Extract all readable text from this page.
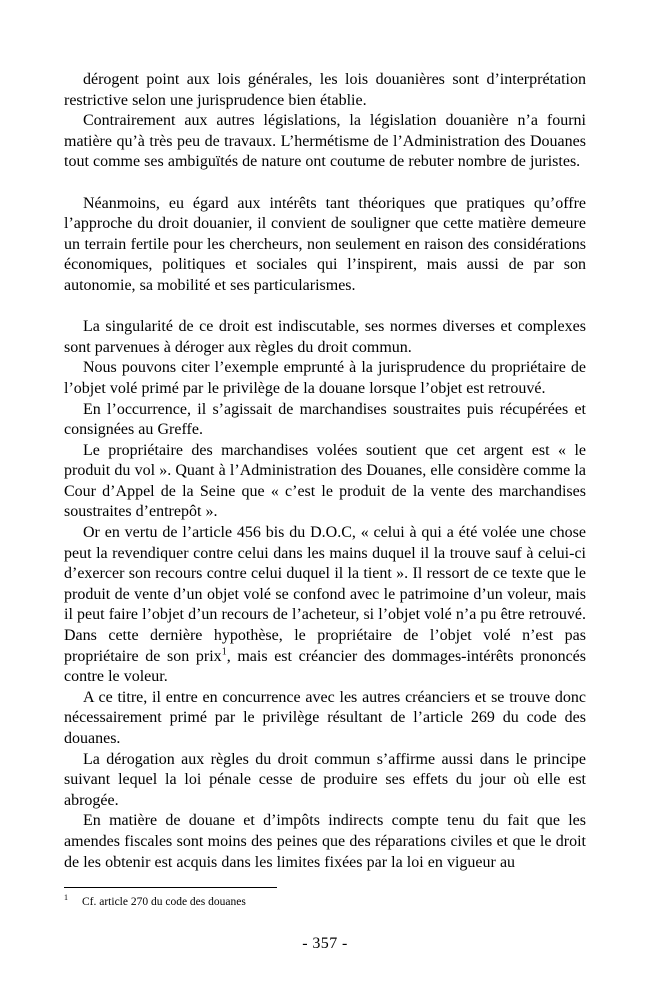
dérogent point aux lois générales, les lois douanières sont d’interprétation restrictive selon une jurisprudence bien établie.

Contrairement aux autres législations, la législation douanière n’a fourni matière qu’à très peu de travaux. L’hermétisme de l’Administration des Douanes tout comme ses ambiguïtés de nature ont coutume de rebuter nombre de juristes.

Néanmoins, eu égard aux intérêts tant théoriques que pratiques qu’offre l’approche du droit douanier, il convient de souligner que cette matière demeure un terrain fertile pour les chercheurs, non seulement en raison des considérations économiques, politiques et sociales qui l’inspirent, mais aussi de par son autonomie, sa mobilité et ses particularismes.

La singularité de ce droit est indiscutable, ses normes diverses et complexes sont parvenues à déroger aux règles du droit commun.

Nous pouvons citer l’exemple emprunté à la jurisprudence du propriétaire de l’objet volé primé par le privilège de la douane lorsque l’objet est retrouvé.

En l’occurrence, il s’agissait de marchandises soustraites puis récupérées et consignées au Greffe.

Le propriétaire des marchandises volées soutient que cet argent est « le produit du vol ». Quant à l’Administration des Douanes, elle considère comme la Cour d’Appel de la Seine que « c’est le produit de la vente des marchandises soustraites d’entrepôt ».

Or en vertu de l’article 456 bis du D.O.C, « celui à qui a été volée une chose peut la revendiquer contre celui dans les mains duquel il la trouve sauf à celui-ci d’exercer son recours contre celui duquel il la tient ». Il ressort de ce texte que le produit de vente d’un objet volé se confond avec le patrimoine d’un voleur, mais il peut faire l’objet d’un recours de l’acheteur, si l’objet volé n’a pu être retrouvé. Dans cette dernière hypothèse, le propriétaire de l’objet volé n’est pas propriétaire de son prix$^1$, mais est créancier des dommages-intérêts prononcés contre le voleur.

A ce titre, il entre en concurrence avec les autres créanciers et se trouve donc nécessairement primé par le privilège résultant de l’article 269 du code des douanes.

La dérogation aux règles du droit commun s’affirme aussi dans le principe suivant lequel la loi pénale cesse de produire ses effets du jour où elle est abrogée.

En matière de douane et d’impôts indirects compte tenu du fait que les amendes fiscales sont moins des peines que des réparations civiles et que le droit de les obtenir est acquis dans les limites fixées par la loi en vigueur au

$^1$ Cf. article 270 du code des douanes
- 357 -
